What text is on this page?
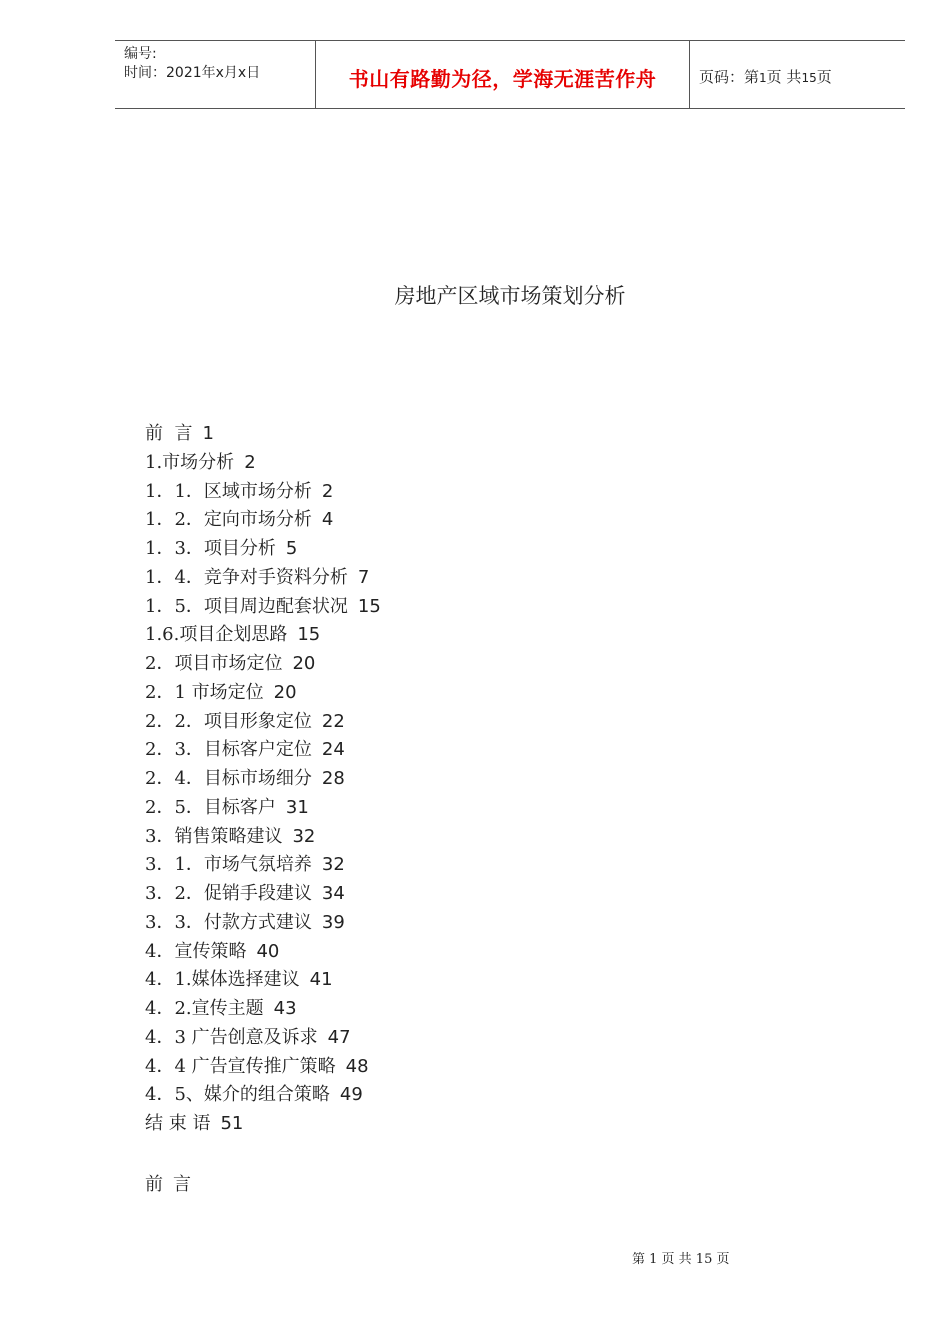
编号:
时间：2021年x月x日	书山有路勤为径，学海无涯苦作舟	页码：第1页 共15页
房地产区域市场策划分析
前  言 1
1.市场分析 2
1．1．区域市场分析 2
1．2．定向市场分析 4
1．3．项目分析 5
1．4．竞争对手资料分析 7
1．5．项目周边配套状况 15
1.6.项目企划思路 15
2．项目市场定位 20
2．1 市场定位 20
2．2．项目形象定位 22
2．3．目标客户定位 24
2．4．目标市场细分 28
2．5．目标客户 31
3．销售策略建议 32
3．1．市场气氛培养 32
3．2．促销手段建议 34
3．3．付款方式建议 39
4．宣传策略 40
4．1.媒体选择建议 41
4．2.宣传主题 43
4．3 广告创意及诉求 47
4．4 广告宣传推广策略 48
4．5、媒介的组合策略 49
结 束 语 51
前言
第 1 页 共 15 页
